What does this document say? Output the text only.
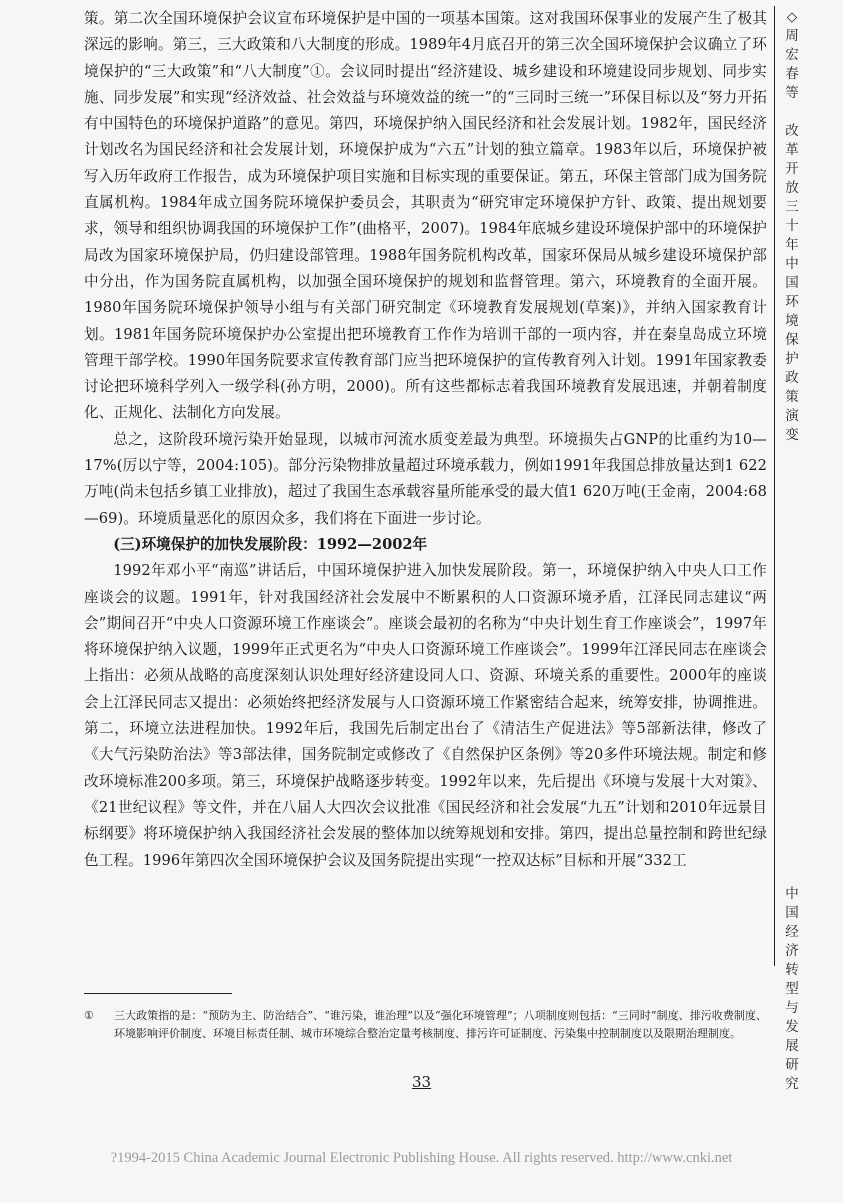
策。第二次全国环境保护会议宣布环境保护是中国的一项基本国策。这对我国环保事业的发展产生了极其深远的影响。第三，三大政策和八大制度的形成。1989年4月底召开的第三次全国环境保护会议确立了环境保护的“三大政策”和“八大制度”①。会议同时提出“经济建设、城乡建设和环境建设同步规划、同步实施、同步发展”和实现“经济效益、社会效益与环境效益的统一”的“三同时三统一”环保目标以及“努力开拓有中国特色的环境保护道路”的意见。第四，环境保护纳入国民经济和社会发展计划。1982年，国民经济计划改名为国民经济和社会发展计划，环境保护成为“六五”计划的独立篇章。1983年以后，环境保护被写入历年政府工作报告，成为环境保护项目实施和目标实现的重要保证。第五，环保主管部门成为国务院直属机构。1984年成立国务院环境保护委员会，其职责为“研究审定环境保护方针、政策、提出规划要求，领导和组织协调我国的环境保护工作”(曲格平，2007)。1984年底城乡建设环境保护部中的环境保护局改为国家环境保护局，仍归建设部管理。1988年国务院机构改革，国家环保局从城乡建设环境保护部中分出，作为国务院直属机构，以加强全国环境保护的规划和监督管理。第六，环境教育的全面开展。1980年国务院环境保护领导小组与有关部门研究制定《环境教育发展规划(草案)》，并纳入国家教育计划。1981年国务院环境保护办公室提出把环境教育工作作为培训干部的一项内容，并在秦皇岛成立环境管理干部学校。1990年国务院要求宣传教育部门应当把环境保护的宣传教育列入计划。1991年国家教委讨论把环境科学列入一级学科(孙方明，2000)。所有这些都标志着我国环境教育发展迅速，并朝着制度化、正规化、法制化方向发展。

总之，这阶段环境污染开始显现，以城市河流水质变差最为典型。环境损失占GNP的比重约为10—17%(厉以宁等，2004:105)。部分污染物排放量超过环境承载力，例如1991年我国总排放量达到1 622万吨(尚未包括乡镇工业排放)，超过了我国生态承载容量所能承受的最大值1 620万吨(王金南，2004:68—69)。环境质量恶化的原因众多，我们将在下面进一步讨论。

(三)环境保护的加快发展阶段：1992—2002年

1992年邓小平“南巡”讲话后，中国环境保护进入加快发展阶段。第一，环境保护纳入中央人口工作座谈会的议题。1991年，针对我国经济社会发展中不断累积的人口资源环境矛盾，江泽民同志建议“两会”期间召开“中央人口资源环境工作座谈会”。座谈会最初的名称为“中央计划生育工作座谈会”，1997年将环境保护纳入议题，1999年正式更名为“中央人口资源环境工作座谈会”。1999年江泽民同志在座谈会上指出：必须从战略的高度深刻认识处理好经济建设同人口、资源、环境关系的重要性。2000年的座谈会上江泽民同志又提出：必须始终把经济发展与人口资源环境工作紧密结合起来，统筹安排，协调推进。第二，环境立法进程加快。1992年后，我国先后制定出台了《清洁生产促进法》等5部新法律，修改了《大气污染防治法》等3部法律，国务院制定或修改了《自然保护区条例》等20多件环境法规。制定和修改环境标准200多项。第三，环境保护战略逐步转变。1992年以来，先后提出《环境与发展十大对策》、《21世纪议程》等文件，并在八届人大四次会议批准《国民经济和社会发展“九五”计划和2010年远景目标纲要》将环境保护纳入我国经济社会发展的整体加以统筹规划和安排。第四，提出总量控制和跨世纪绿色工程。1996年第四次全国环境保护会议及国务院提出实现“一控双达标”目标和开展“332工

◇
周
宏
春
等

改
革
开
放
三
十
年
中
国
环
境
保
护
政
策
演
变
中
国
经
济
转
型
与
发
展
研
究
①	三大政策指的是：“预防为主、防治结合”、“谁污染，谁治理”以及“强化环境管理”；八项制度则包括：“三同时”制度、排污收费制度、环境影响评价制度、环境目标责任制、城市环境综合整治定量考核制度、排污许可证制度、污染集中控制制度以及限期治理制度。
33
?1994-2015 China Academic Journal Electronic Publishing House. All rights reserved. http://www.cnki.net
